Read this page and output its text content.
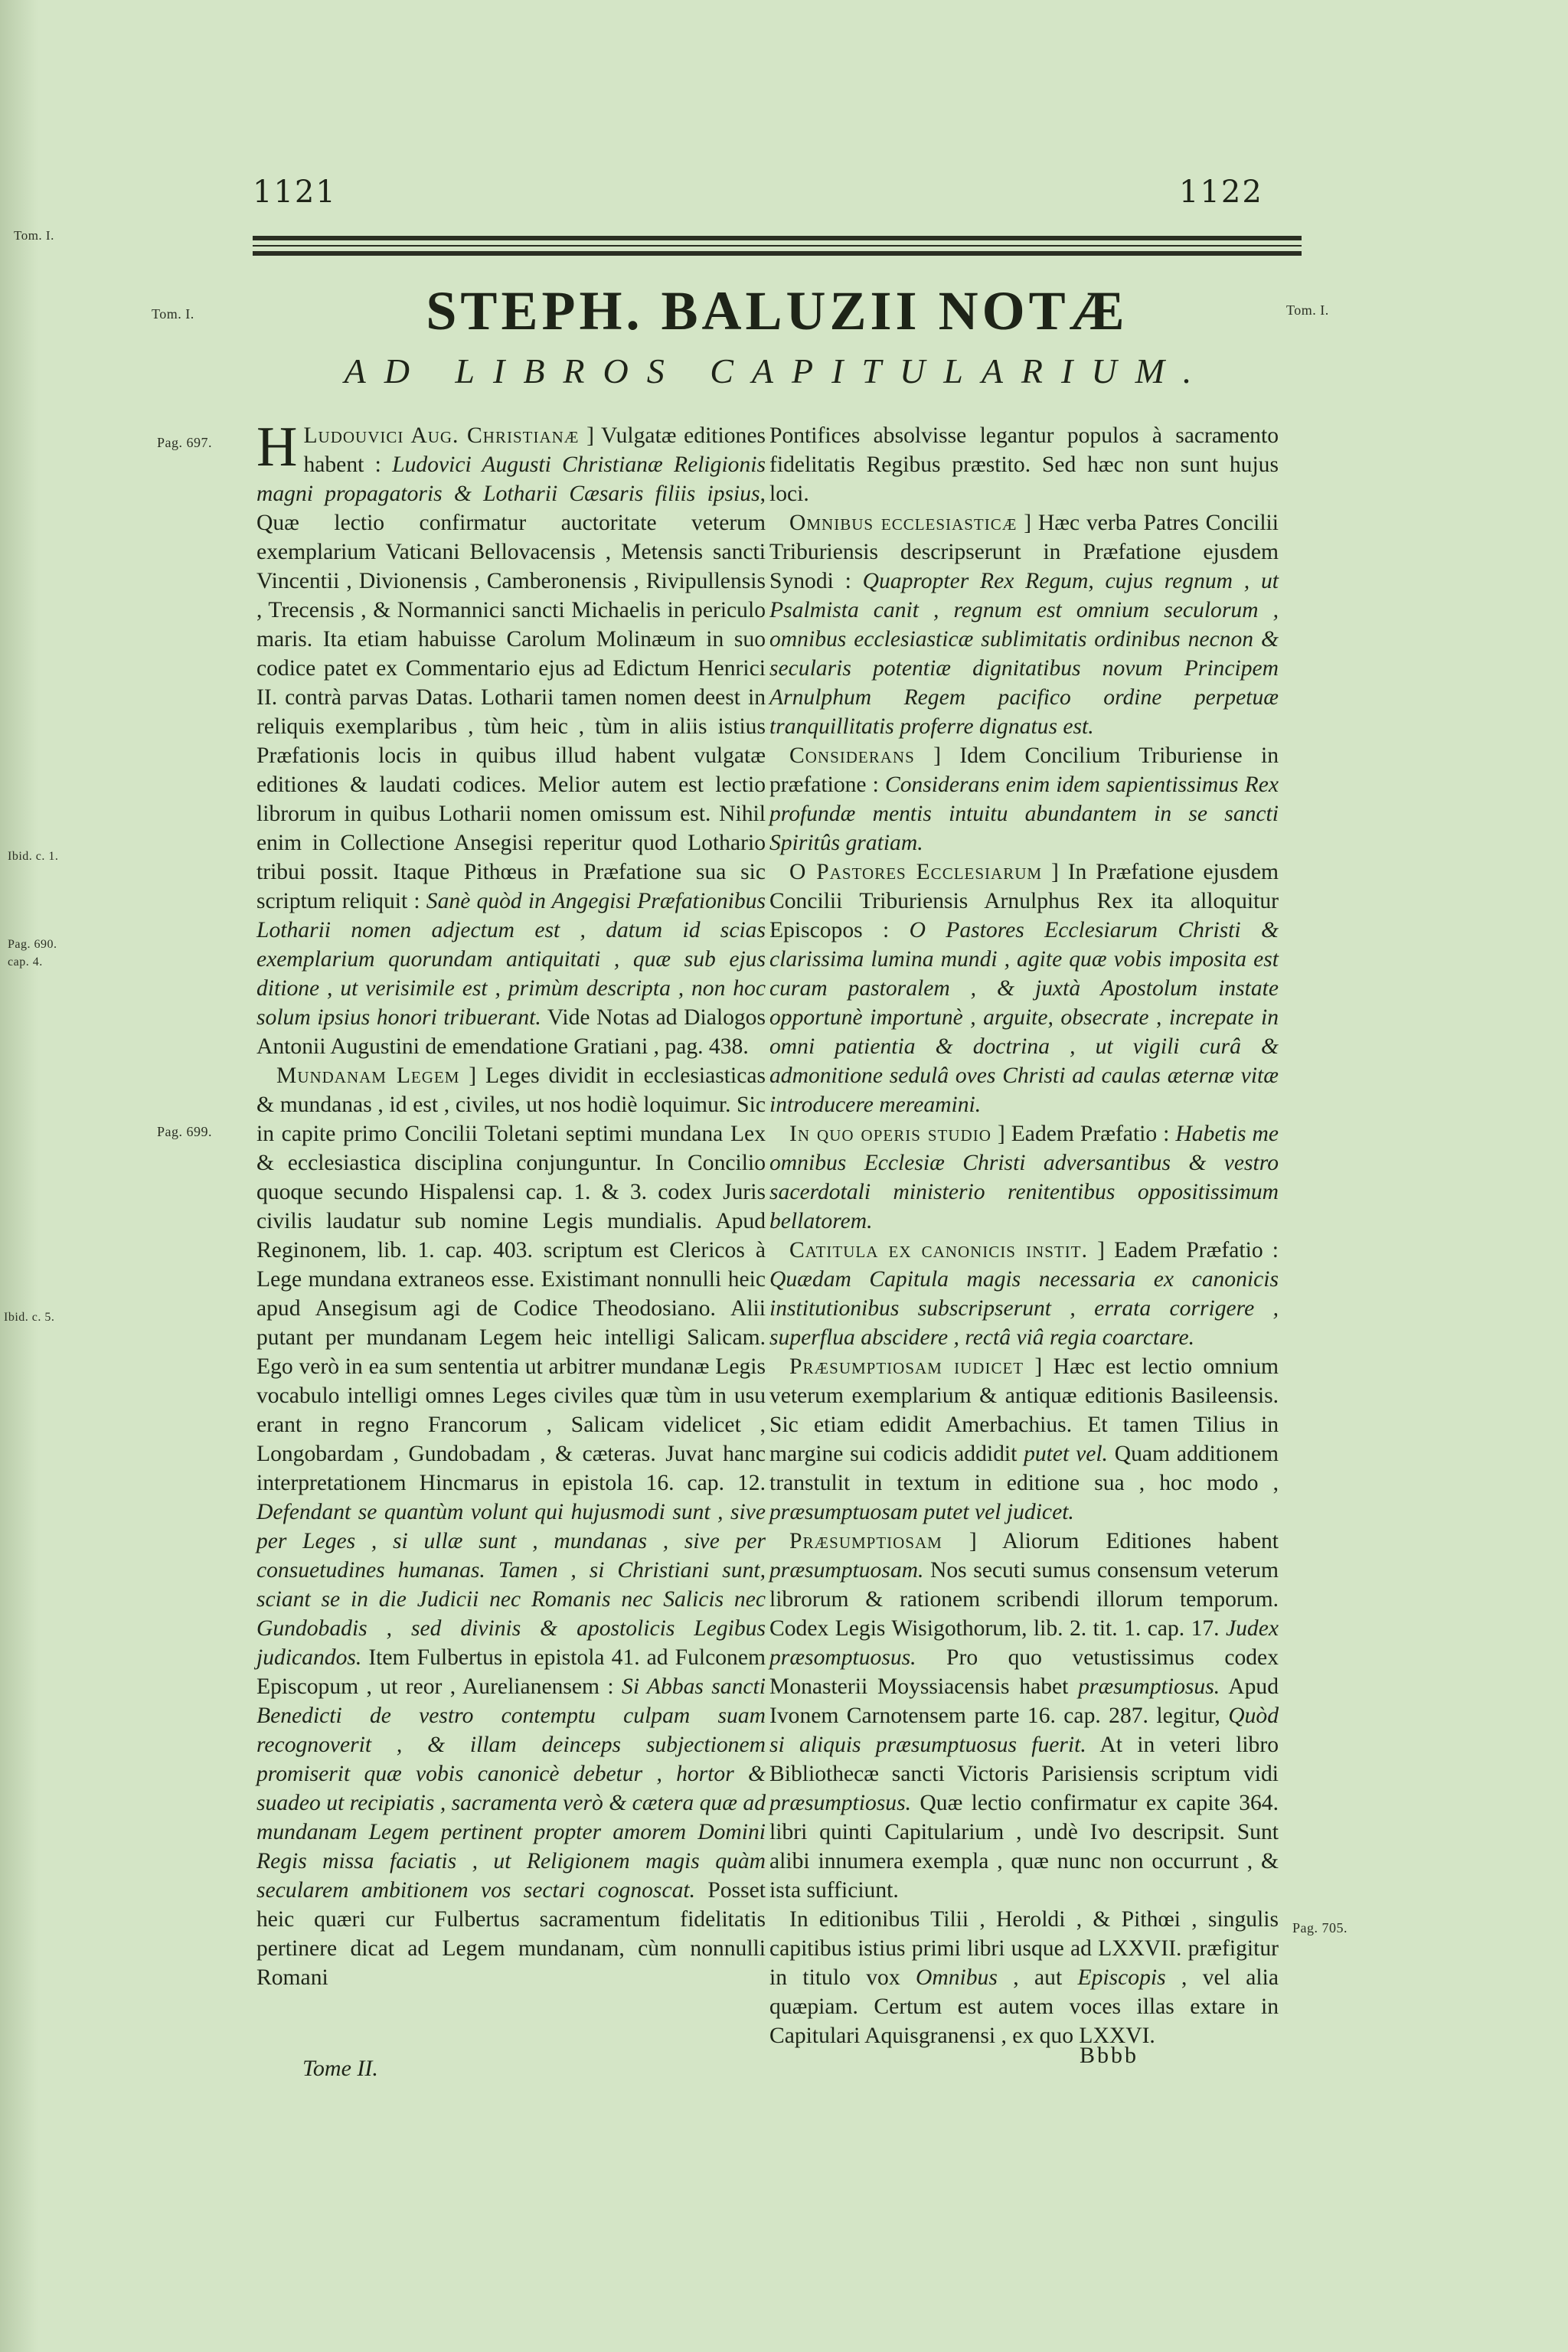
Tom. I.
1121	1122
Tom. I.	Tom. I.
STEPH. BALUZII NOTÆ
AD LIBROS CAPITULARIUM.
Pag. 697.
Ibid. c. 1.
Pag. 690.
cap. 4.
Pag. 699.
Ibid. c. 5.
Pag. 705.

H Ludouvici Aug. Christianæ ] Vulgatæ editiones habent : Ludovici Augusti Christianæ Religionis magni propagatoris & Lotharii Cæsaris filiis ipsius, Quæ lectio confirmatur auctoritate veterum exemplarium Vaticani Bellovacensis , Metensis sancti Vincentii , Divionensis , Camberonensis , Rivipullensis , Trecensis , & Normannici sancti Michaelis in periculo maris. Ita etiam habuisse Carolum Molinæum in suo codice patet ex Commentario ejus ad Edictum Henrici II. contrà parvas Datas. Lotharii tamen nomen deest in reliquis exemplaribus , tùm heic , tùm in aliis istius Præfationis locis in quibus illud habent vulgatæ editiones & laudati codices. Melior autem est lectio librorum in quibus Lotharii nomen omissum est. Nihil enim in Collectione Ansegisi reperitur quod Lothario tribui possit. Itaque Pithœus in Præfatione sua sic scriptum reliquit : Sanè quòd in Angegisi Præfationibus Lotharii nomen adjectum est , datum id scias exemplarium quorundam antiquitati , quæ sub ejus ditione , ut verisimile est , primùm descripta , non hoc solum ipsius honori tribuerant. Vide Notas ad Dialogos Antonii Augustini de emendatione Gratiani , pag. 438.

Mundanam Legem ] Leges dividit in ecclesiasticas & mundanas , id est , civiles, ut nos hodiè loquimur. Sic in capite primo Concilii Toletani septimi mundana Lex & ecclesiastica disciplina conjunguntur. In Concilio quoque secundo Hispalensi cap. 1. & 3. codex Juris civilis laudatur sub nomine Legis mundialis. Apud Reginonem, lib. 1. cap. 403. scriptum est Clericos à Lege mundana extraneos esse. Existimant nonnulli heic apud Ansegisum agi de Codice Theodosiano. Alii putant per mundanam Legem heic intelligi Salicam. Ego verò in ea sum sententia ut arbitrer mundanæ Legis vocabulo intelligi omnes Leges civiles quæ tùm in usu erant in regno Francorum , Salicam videlicet , Longobardam , Gundobadam , & cæteras. Juvat hanc interpretationem Hincmarus in epistola 16. cap. 12. Defendant se quantùm volunt qui hujusmodi sunt , sive per Leges , si ullæ sunt , mundanas , sive per consuetudines humanas. Tamen , si Christiani sunt, sciant se in die Judicii nec Romanis nec Salicis nec Gundobadis , sed divinis & apostolicis Legibus judicandos. Item Fulbertus in epistola 41. ad Fulconem Episcopum , ut reor , Aurelianensem : Si Abbas sancti Benedicti de vestro contemptu culpam suam recognoverit , & illam deinceps subjectionem promiserit quæ vobis canonicè debetur , hortor & suadeo ut recipiatis , sacramenta verò & cætera quæ ad mundanam Legem pertinent propter amorem Domini Regis missa faciatis , ut Religionem magis quàm secularem ambitionem vos sectari cognoscat. Posset heic quæri cur Fulbertus sacramentum fidelitatis pertinere dicat ad Legem mundanam, cùm nonnulli Romani

Pontifices absolvisse legantur populos à sacramento fidelitatis Regibus præstito. Sed hæc non sunt hujus loci.

Omnibus ecclesiasticæ ] Hæc verba Patres Concilii Triburiensis descripserunt in Præfatione ejusdem Synodi : Quapropter Rex Regum, cujus regnum , ut Psalmista canit , regnum est omnium seculorum , omnibus ecclesiasticæ sublimitatis ordinibus necnon & secularis potentiæ dignitatibus novum Principem Arnulphum Regem pacifico ordine perpetuæ tranquillitatis proferre dignatus est.

Considerans ] Idem Concilium Triburiense in præfatione : Considerans enim idem sapientissimus Rex profundæ mentis intuitu abundantem in se sancti Spiritûs gratiam.

O Pastores Ecclesiarum ] In Præfatione ejusdem Concilii Triburiensis Arnulphus Rex ita alloquitur Episcopos : O Pastores Ecclesiarum Christi & clarissima lumina mundi , agite quæ vobis imposita est curam pastoralem , & juxtà Apostolum instate opportunè importunè , arguite, obsecrate , increpate in omni patientia & doctrina , ut vigili curâ & admonitione sedulâ oves Christi ad caulas æternæ vitæ introducere mereamini.

In quo operis studio ] Eadem Præfatio : Habetis me omnibus Ecclesiæ Christi adversantibus & vestro sacerdotali ministerio renitentibus oppositissimum bellatorem.

Catitula ex canonicis instit. ] Eadem Præfatio : Quædam Capitula magis necessaria ex canonicis institutionibus subscripserunt , errata corrigere , superflua abscidere , rectâ viâ regia coarctare.

Præsumptiosam iudicet ] Hæc est lectio omnium veterum exemplarium & antiquæ editionis Basileensis. Sic etiam edidit Amerbachius. Et tamen Tilius in margine sui codicis addidit putet vel. Quam additionem transtulit in textum in editione sua , hoc modo , præsumptuosam putet vel judicet.

Præsumptiosam ] Aliorum Editiones habent præsumptuosam. Nos secuti sumus consensum veterum librorum & rationem scribendi illorum temporum. Codex Legis Wisigothorum, lib. 2. tit. 1. cap. 17. Judex præsomptuosus. Pro quo vetustissimus codex Monasterii Moyssiacensis habet præsumptiosus. Apud Ivonem Carnotensem parte 16. cap. 287. legitur, Quòd si aliquis præsumptuosus fuerit. At in veteri libro Bibliothecæ sancti Victoris Parisiensis scriptum vidi præsumptiosus. Quæ lectio confirmatur ex capite 364. libri quinti Capitularium , undè Ivo descripsit. Sunt alibi innumera exempla , quæ nunc non occurrunt , & ista sufficiunt.

In editionibus Tilii , Heroldi , & Pithœi , singulis capitibus istius primi libri usque ad LXXVII. præfigitur in titulo vox Omnibus , aut Episcopis , vel alia quæpiam. Certum est autem voces illas extare in Capitulari Aquisgranensi , ex quo LXXVI.

Tome II.
Bbbb
